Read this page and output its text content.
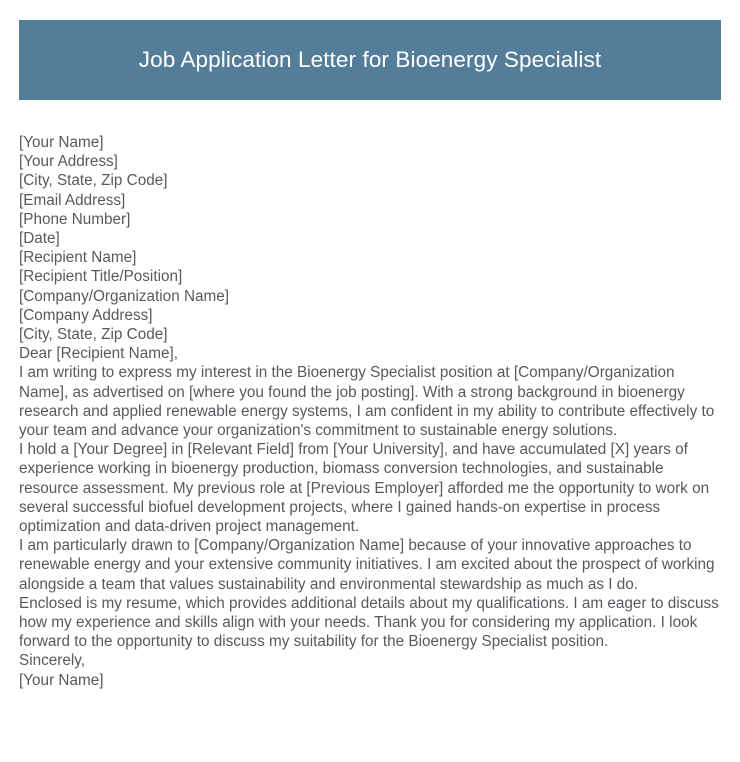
Job Application Letter for Bioenergy Specialist

[Your Name]

[Your Address]

[City, State, Zip Code]

[Email Address]

[Phone Number]

[Date]

[Recipient Name]

[Recipient Title/Position]

[Company/Organization Name]

[Company Address]

[City, State, Zip Code]

Dear [Recipient Name],

I am writing to express my interest in the Bioenergy Specialist position at [Company/Organization Name], as advertised on [where you found the job posting]. With a strong background in bioenergy research and applied renewable energy systems, I am confident in my ability to contribute effectively to your team and advance your organization's commitment to sustainable energy solutions.

I hold a [Your Degree] in [Relevant Field] from [Your University], and have accumulated [X] years of experience working in bioenergy production, biomass conversion technologies, and sustainable resource assessment. My previous role at [Previous Employer] afforded me the opportunity to work on several successful biofuel development projects, where I gained hands-on expertise in process optimization and data-driven project management.

I am particularly drawn to [Company/Organization Name] because of your innovative approaches to renewable energy and your extensive community initiatives. I am excited about the prospect of working alongside a team that values sustainability and environmental stewardship as much as I do.

Enclosed is my resume, which provides additional details about my qualifications. I am eager to discuss how my experience and skills align with your needs. Thank you for considering my application. I look forward to the opportunity to discuss my suitability for the Bioenergy Specialist position.

Sincerely,

[Your Name]
